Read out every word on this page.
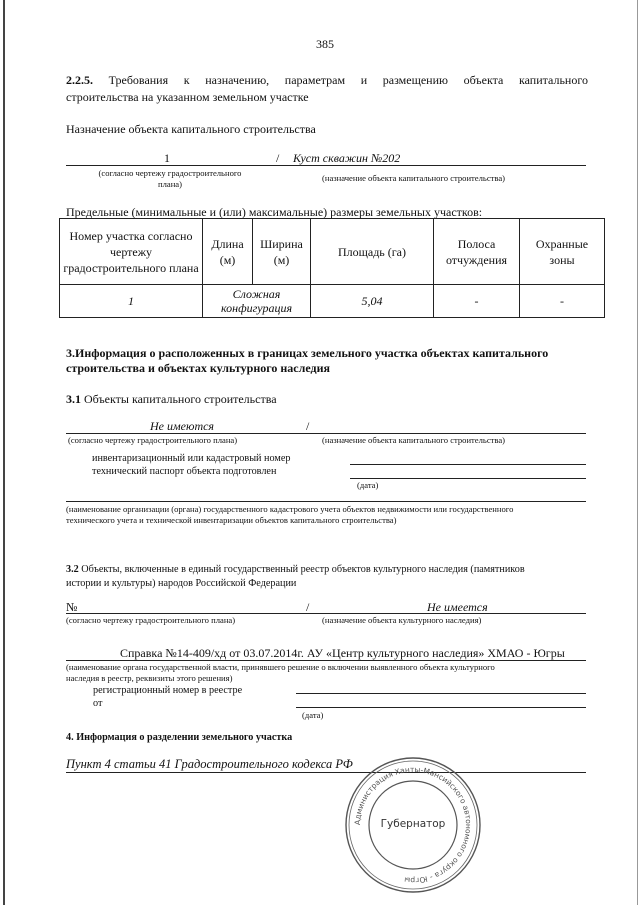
385
2.2.5. Требования к назначению, параметрам и размещению объекта капитального
строительства на указанном земельном участке
Назначение объекта капитального строительства
1	/ Куст скважин №202
(согласно чертежу градостроительного
плана)
(назначение объекта капитального строительства)
Предельные (минимальные и (или) максимальные) размеры земельных участков:
Номер участка согласно чертежу градостроительного плана	Длина (м)	Ширина (м)	Площадь (га)	Полоса отчуждения	Охранные зоны
1	Сложная конфигурация		5,04	-	-
3.Информация о расположенных в границах земельного участка объектах капитального
строительства и объектах культурного наследия
3.1 Объекты капитального строительства
Не имеются	/
(согласно чертежу градостроительного плана)	(назначение объекта капитального строительства)
инвентаризационный или кадастровый номер
технический паспорт объекта подготовлен
(дата)
(наименование организации (органа) государственного кадастрового учета объектов недвижимости или государственного
технического учета и технической инвентаризации объектов капитального строительства)
3.2 Объекты, включенные в единый государственный реестр объектов культурного наследия (памятников
истории и культуры) народов Российской Федерации
№	/	Не имеется
(согласно чертежу градостроительного плана)	(назначение объекта культурного наследия)
Справка №14-409/хд от 03.07.2014г. АУ «Центр культурного наследия» ХМАО - Югры
(наименование органа государственной власти, принявшего решение о включении выявленного объекта культурного
наследия в реестр, реквизиты этого решения)
регистрационный номер в реестре
от
(дата)
4. Информация о разделении земельного участка
Пункт 4 статьи 41 Градостроительного кодекса РФ
Администрация Ханты-Мансийского автономного округа - Югры
Губернатор
